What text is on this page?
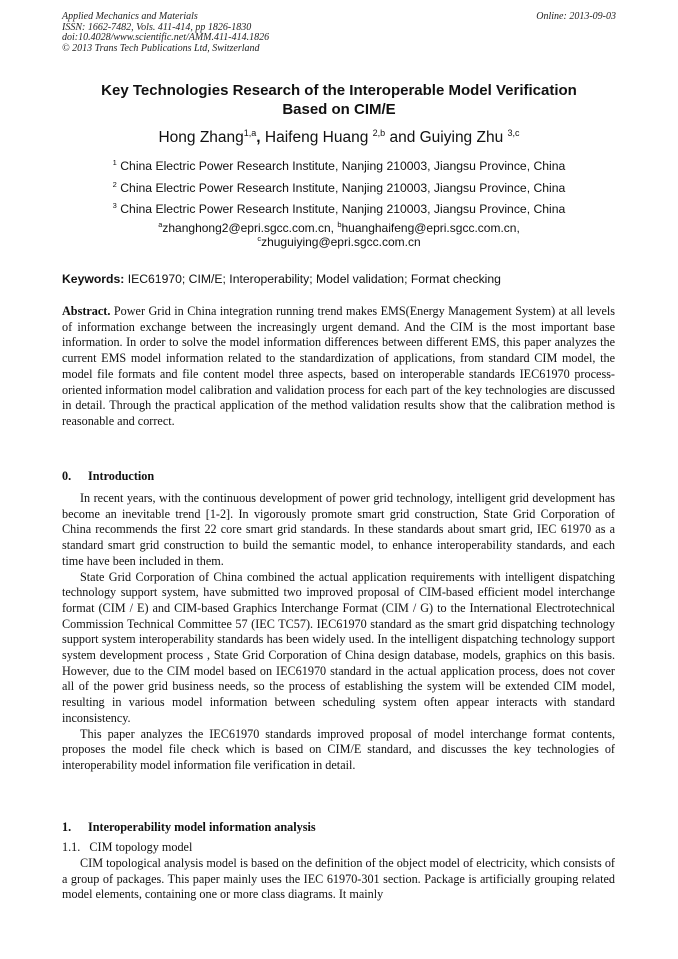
Applied Mechanics and Materials
ISSN: 1662-7482, Vols. 411-414, pp 1826-1830
doi:10.4028/www.scientific.net/AMM.411-414.1826
© 2013 Trans Tech Publications Ltd, Switzerland
Online: 2013-09-03
Key Technologies Research of the Interoperable Model Verification
Based on CIM/E
Hong Zhang$^{1,a}$, Haifeng Huang $^{2,b}$ and Guiying Zhu $^{3,c}$
$^1$ China Electric Power Research Institute, Nanjing 210003, Jiangsu Province, China
$^2$ China Electric Power Research Institute, Nanjing 210003, Jiangsu Province, China
$^3$ China Electric Power Research Institute, Nanjing 210003, Jiangsu Province, China
$^a$zhanghong2@epri.sgcc.com.cn, $^b$huanghaifeng@epri.sgcc.com.cn,
$^c$zhuguiying@epri.sgcc.com.cn
Keywords: IEC61970; CIM/E; Interoperability; Model validation; Format checking
Abstract. Power Grid in China integration running trend makes EMS(Energy Management System) at all levels of information exchange between the increasingly urgent demand. And the CIM is the most important base information. In order to solve the model information differences between different EMS, this paper analyzes the current EMS model information related to the standardization of applications, from standard CIM model, the model file formats and file content model three aspects, based on interoperable standards IEC61970 process-oriented information model calibration and validation process for each part of the key technologies are discussed in detail. Through the practical application of the method validation results show that the calibration method is reasonable and correct.
0. Introduction

In recent years, with the continuous development of power grid technology, intelligent grid development has become an inevitable trend [1-2]. In vigorously promote smart grid construction, State Grid Corporation of China recommends the first 22 core smart grid standards. In these standards about smart grid, IEC 61970 as a standard smart grid construction to build the semantic model, to enhance interoperability standards, and each time have been included in them.

State Grid Corporation of China combined the actual application requirements with intelligent dispatching technology support system, have submitted two improved proposal of CIM-based efficient model interchange format (CIM / E) and CIM-based Graphics Interchange Format (CIM / G) to the International Electrotechnical Commission Technical Committee 57 (IEC TC57). IEC61970 standard as the smart grid dispatching technology support system interoperability standards has been widely used. In the intelligent dispatching technology support system development process , State Grid Corporation of China design database, models, graphics on this basis. However, due to the CIM model based on IEC61970 standard in the actual application process, does not cover all of the power grid business needs, so the process of establishing the system will be extended CIM model, resulting in various model information between scheduling system often appear interacts with standard inconsistency.

This paper analyzes the IEC61970 standards improved proposal of model interchange format contents, proposes the model file check which is based on CIM/E standard, and discusses the key technologies of interoperability model information file verification in detail.

1. Interoperability model information analysis
1.1. CIM topology model

CIM topological analysis model is based on the definition of the object model of electricity, which consists of a group of packages. This paper mainly uses the IEC 61970-301 section. Package is artificially grouping related model elements, containing one or more class diagrams. It mainly
